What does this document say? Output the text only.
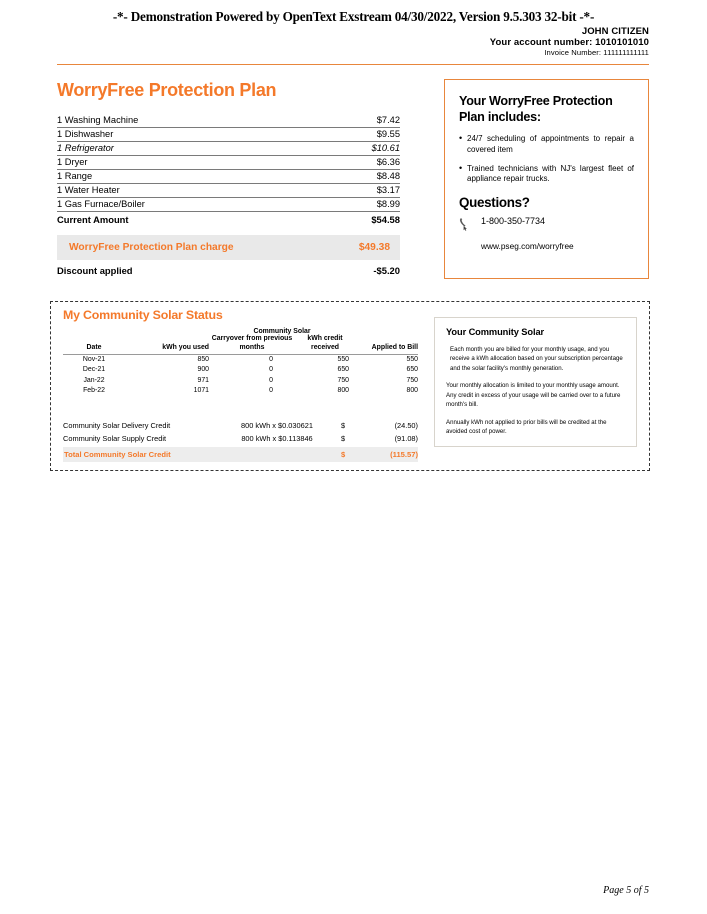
-*- Demonstration Powered by OpenText Exstream 04/30/2022, Version 9.5.303 32-bit -*-
JOHN CITIZEN
Your account number: 1010101010
Invoice Number: 111111111111
WorryFree Protection Plan
1 Washing Machine	$7.42
1 Dishwasher	$9.55
1 Refrigerator	$10.61
1 Dryer	$6.36
1 Range	$8.48
1 Water Heater	$3.17
1 Gas Furnace/Boiler	$8.99
Current Amount	$54.58
WorryFree Protection Plan charge	$49.38
Discount applied	-$5.20
Your WorryFree Protection Plan includes:
• 24/7 scheduling of appointments to repair a covered item
• Trained technicians with NJ's largest fleet of appliance repair trucks.
Questions?
1-800-350-7734
www.pseg.com/worryfree
My Community Solar Status
		Community Solar		
Date	kWh you used	Carryover from previous months	kWh credit received	Applied to Bill

Nov-21	850	0	550	550
Dec-21	900	0	650	650
Jan-22	971	0	750	750
Feb-22	1071	0	800	800
Community Solar Delivery Credit	800 kWh x $0.030621	$	(24.50)
Community Solar Supply Credit	800 kWh x $0.113846	$	(91.08)
Total Community Solar Credit	$	(115.57)
Your Community Solar

Each month you are billed for your monthly usage, and you receive a kWh allocation based on your subscription percentage and the solar facility's monthly generation.

Your monthly allocation is limited to your monthly usage amount. Any credit in excess of your usage will be carried over to a future month's bill.

Annually kWh not applied to prior bills will be credited at the avoided cost of power.

Page 5 of 5
